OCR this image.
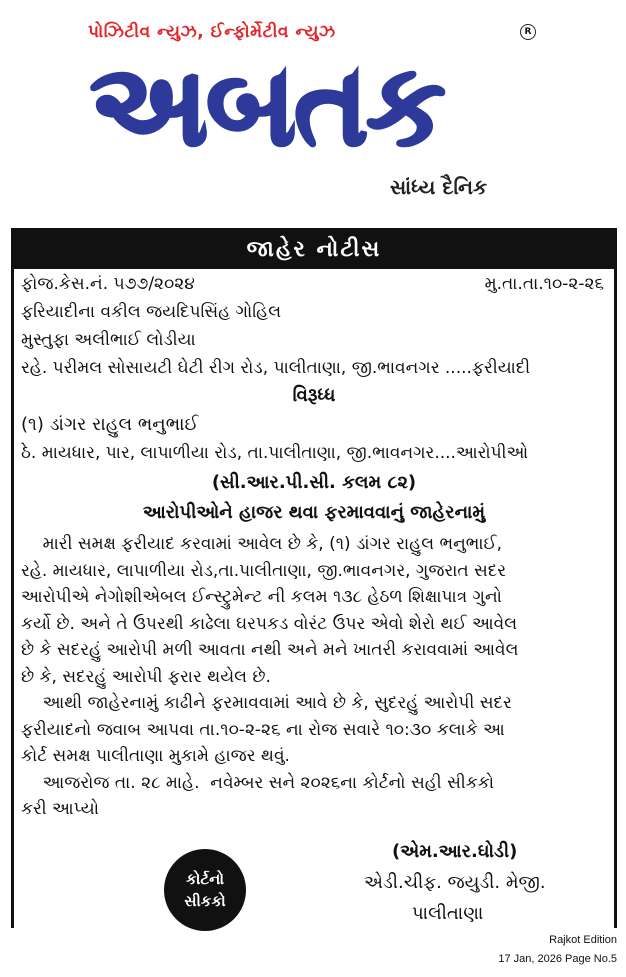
પોઝિટીવ ન્યુઝ, ઈન્ફોર્મેટીવ ન્યુઝ	R
અબતક
સાંધ્ય દૈનિક
જાહેર નોટીસ
ફોજ.કેસ.નં. ૫૭૭/૨૦૨૪	મુ.તા.તા.૧૦-૨-૨૬
ફરિયાદીના વકીલ જયદિપસિંહ ગોહિલ
મુસ્તુફા અલીભાઈ લોડીયા
રહે. પરીમલ સોસાયટી ઘેટી રીગ રોડ, પાલીતાણા, જી.ભાવનગર .....ફરીયાદી
વિરૂધ્ધ
(૧) ડાંગર રાહુલ ભનુભાઈ
ઠે. માયધાર, પાર, લાપાળીયા રોડ, તા.પાલીતાણા, જી.ભાવનગર....આરોપીઓ
(સી.આર.પી.સી. કલમ ૮૨)
આરોપીઓને હાજર થવા ફરમાવવાનું જાહેરનામું
મારી સમક્ષ ફરીયાદ કરવામાં આવેલ છે કે, (૧) ડાંગર રાહુલ ભનુભાઈ,
રહે. માયધાર, લાપાળીયા રોડ,તા.પાલીતાણા, જી.ભાવનગર, ગુજરાત સદર
આરોપીએ નેગોશીએબલ ઈન્સ્ટ્રુમેન્ટ ની કલમ ૧૩૮ હેઠળ શિક્ષાપાત્ર ગુનો
કર્યો છે. અને તે ઉપરથી કાઢેલા ઘરપકડ વોરંટ ઉપર એવો શેરો થઈ આવેલ
છે કે સદરહું આરોપી મળી આવતા નથી અને મને ખાતરી કરાવવામાં આવેલ
છે કે, સદરહું આરોપી ફરાર થયેલ છે.
આથી જાહેરનામું કાઢીને ફરમાવવામાં આવે છે કે, સુદરહું આરોપી સદર
ફરીયાદનો જવાબ આપવા તા.૧૦-૨-૨૬ ના રોજ સવારે ૧૦:૩૦ કલાકે આ
કોર્ટ સમક્ષ પાલીતાણા મુકામે હાજર થવું.
આજરોજ તા. ૨૮ માહે.  નવેમ્બર સને ૨૦૨૬ના કોર્ટનો સહી સીકકો
કરી આપ્યો
કોર્ટનો
સીકકો
(એમ.આર.ઘોડી)
એડી.ચીફ. જયુડી. મેજી.
પાલીતાણા
Rajkot Edition
17 Jan, 2026 Page No.5
